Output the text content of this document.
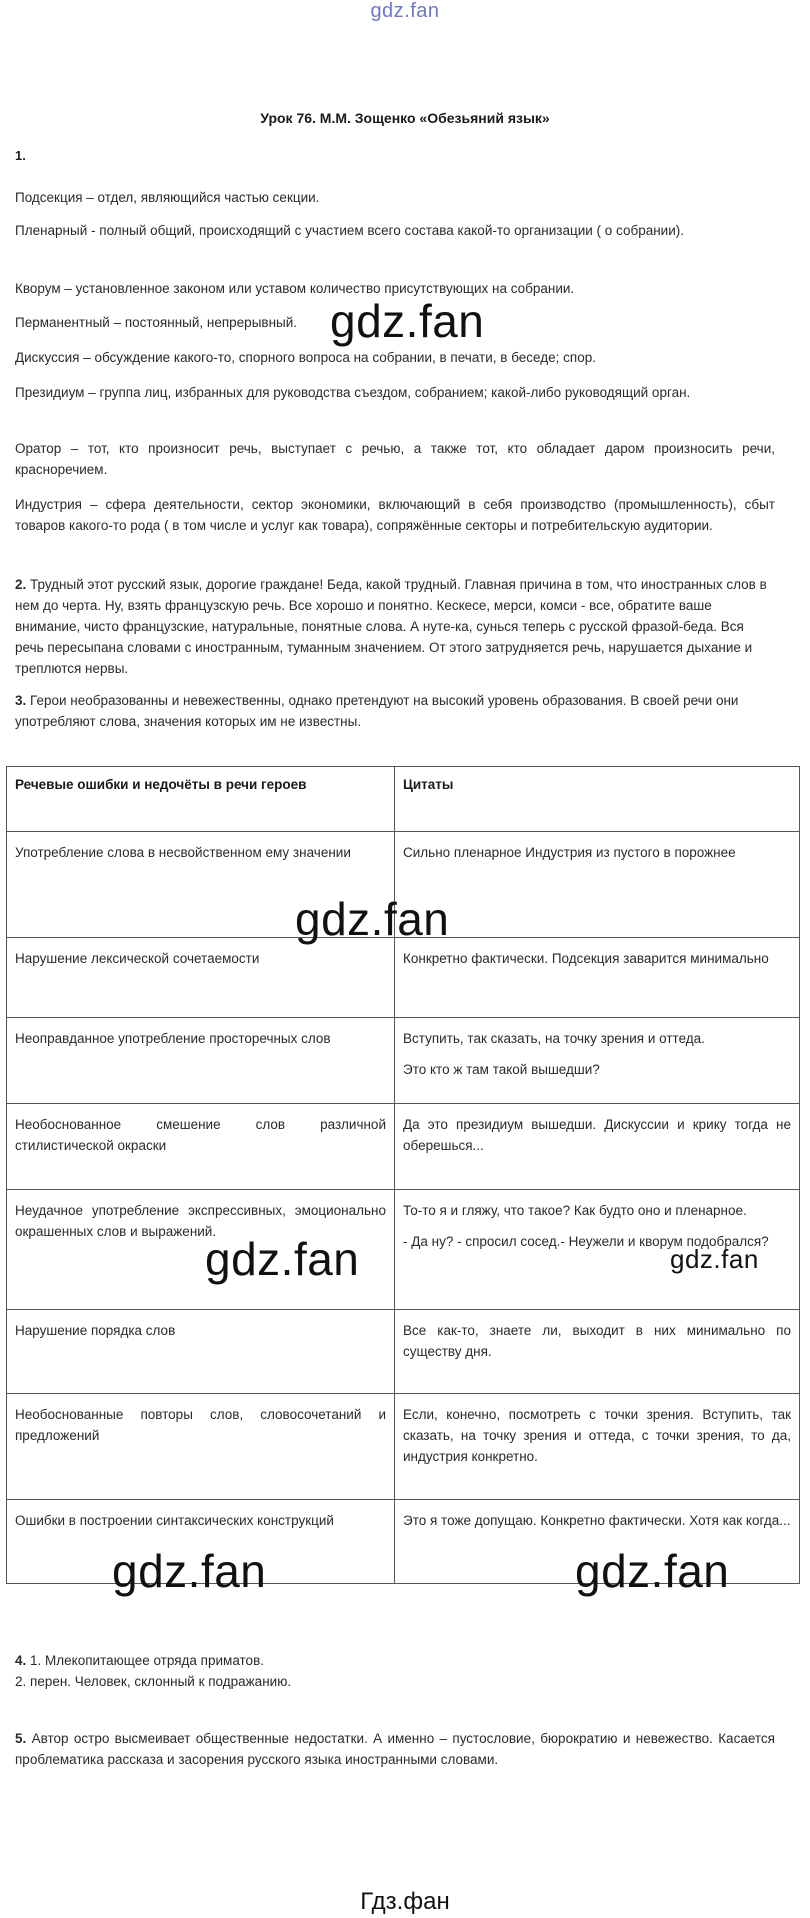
gdz.fan
Урок 76. М.М. Зощенко «Обезьяний язык»
1.
Подсекция – отдел, являющийся частью секции.
Пленарный - полный общий, происходящий с участием всего состава какой-то организации ( о собрании).
Кворум – установленное законом или уставом количество присутствующих на собрании.
Перманентный – постоянный, непрерывный.
Дискуссия – обсуждение какого-то, спорного вопроса на собрании, в печати, в беседе; спор.
Президиум – группа лиц, избранных для руководства съездом, собранием; какой-либо руководящий орган.
Оратор – тот, кто произносит речь, выступает с речью, а также тот, кто обладает даром произносить речи, красноречием.
Индустрия – сфера деятельности, сектор экономики, включающий в себя производство (промышленность), сбыт товаров какого-то рода ( в том числе и услуг как товара), сопряжённые секторы и потребительскую аудитории.
2. Трудный этот русский язык, дорогие граждане! Беда, какой трудный. Главная причина в том, что иностранных слов в нем до черта. Ну, взять французскую речь. Все хорошо и понятно. Кескесе, мерси, комси - все, обратите ваше внимание, чисто французские, натуральные, понятные слова. А нуте-ка, сунься теперь с русской фразой-беда. Вся речь пересыпана словами с иностранным, туманным значением. От этого затрудняется речь, нарушается дыхание и треплются нервы.
3. Герои необразованны и невежественны, однако претендуют на высокий уровень образования. В своей речи они употребляют слова, значения которых им не известны.
Речевые ошибки и недочёты в речи героев	Цитаты
Употребление слова в несвойственном ему значении	Сильно пленарное Индустрия из пустого в порожнее

Нарушение лексической сочетаемости	Конкретно фактически. Подсекция заварится минимально

Неоправданное употребление просторечных слов	Вступить, так сказать, на точку зрения и оттеда.
Это кто ж там такой вышедши?

Необоснованное смешение слов различной стилистической окраски	Да это президиум вышедши. Дискуссии и крику тогда не оберешься...

Неудачное употребление экспрессивных, эмоционально окрашенных слов и выражений.	То-то я и гляжу, что такое? Как будто оно и пленарное.
- Да ну? - спросил сосед.- Неужели и кворум подобрался?

Нарушение порядка слов	Все как-то, знаете ли, выходит в них минимально по существу дня.

Необоснованные повторы слов, словосочетаний и предложений	Если, конечно, посмотреть с точки зрения. Вступить, так сказать, на точку зрения и оттеда, с точки зрения, то да, индустрия конкретно.

Ошибки в построении синтаксических конструкций	Это я тоже допущаю. Конкретно фактически. Хотя как когда...
4. 1. Млекопитающее отряда приматов.
2. перен. Человек, склонный к подражанию.
5. Автор остро высмеивает общественные недостатки. А именно – пустословие, бюрократию и невежество. Касается проблематика рассказа и засорения русского языка иностранными словами.
gdz.fan
gdz.fan
gdz.fan	gdz.fan
gdz.fan	gdz.fan
Гдз.фан
